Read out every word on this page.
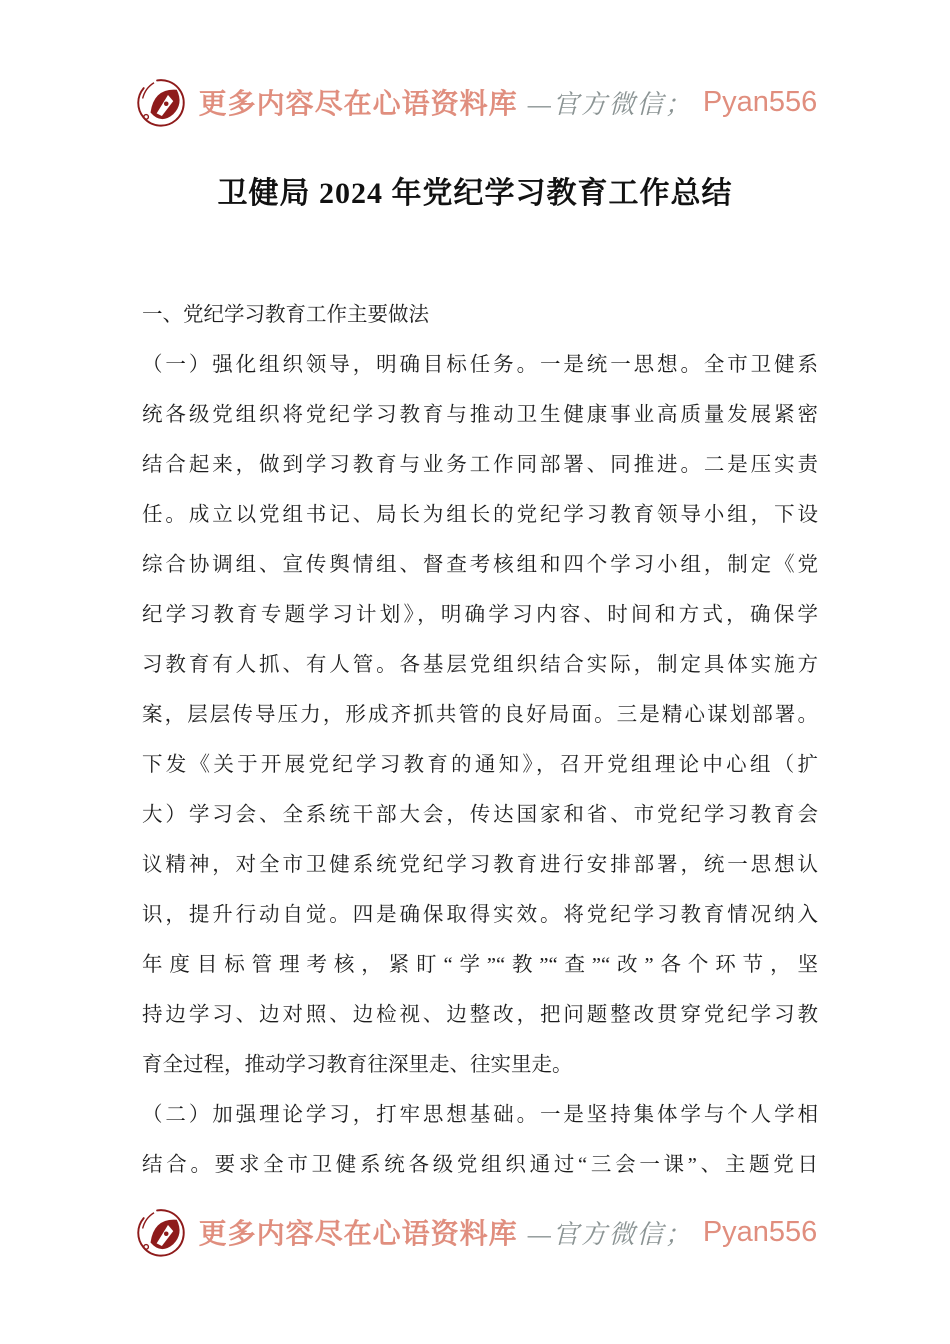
更多内容尽在心语资料库 —官方微信； Pyan556
卫健局 2024 年党纪学习教育工作总结
一、党纪学习教育工作主要做法
（一）强化组织领导，明确目标任务。一是统一思想。全市卫健系
统各级党组织将党纪学习教育与推动卫生健康事业高质量发展紧密
结合起来，做到学习教育与业务工作同部署、同推进。二是压实责
任。成立以党组书记、局长为组长的党纪学习教育领导小组，下设
综合协调组、宣传舆情组、督查考核组和四个学习小组，制定《党
纪学习教育专题学习计划》，明确学习内容、时间和方式，确保学
习教育有人抓、有人管。各基层党组织结合实际，制定具体实施方
案，层层传导压力，形成齐抓共管的良好局面。三是精心谋划部署。
下发《关于开展党纪学习教育的通知》，召开党组理论中心组（扩
大）学习会、全系统干部大会，传达国家和省、市党纪学习教育会
议精神，对全市卫健系统党纪学习教育进行安排部署，统一思想认
识，提升行动自觉。四是确保取得实效。将党纪学习教育情况纳入
年度目标管理考核，紧盯“学”“教”“查”“改”各个环节，坚
持边学习、边对照、边检视、边整改，把问题整改贯穿党纪学习教
育全过程，推动学习教育往深里走、往实里走。
（二）加强理论学习，打牢思想基础。一是坚持集体学与个人学相
结合。要求全市卫健系统各级党组织通过“三会一课”、主题党日
更多内容尽在心语资料库 —官方微信； Pyan556
